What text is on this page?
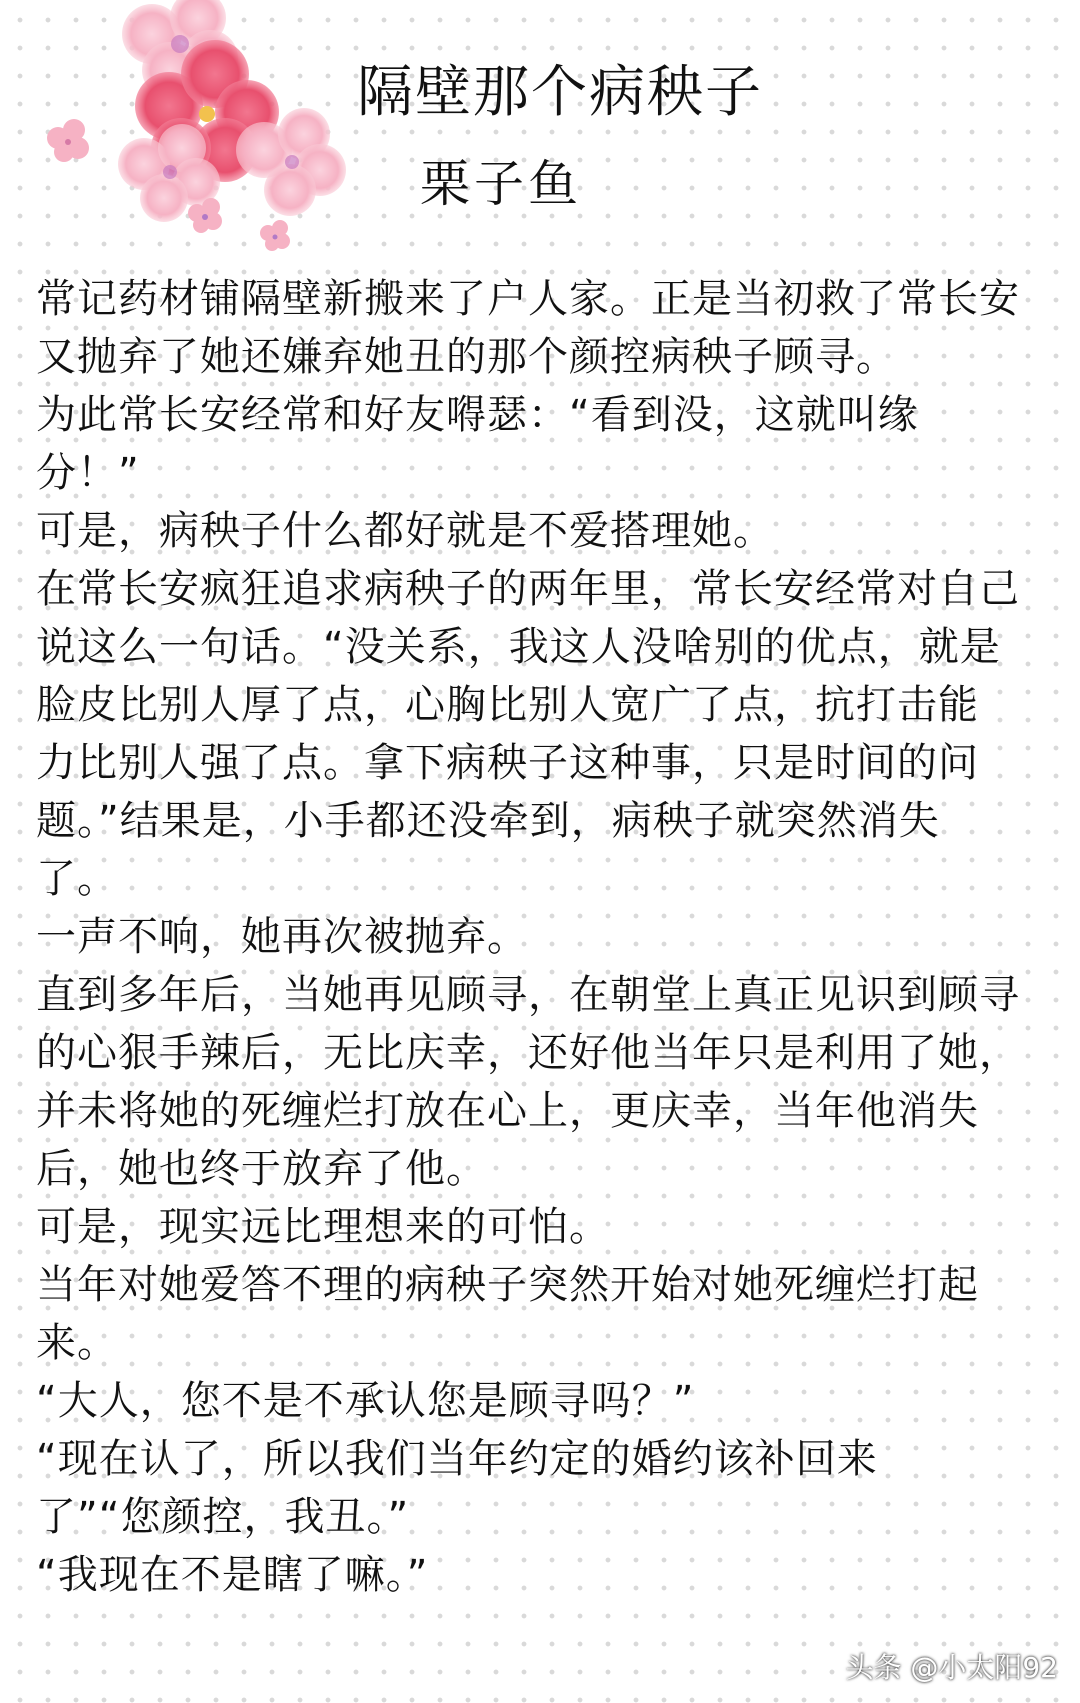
隔壁那个病秧子
栗子鱼

常记药材铺隔壁新搬来了户人家。正是当初救了常长安

又抛弃了她还嫌弃她丑的那个颜控病秧子顾寻。

为此常长安经常和好友嘚瑟：“看到没，这就叫缘

分！”

可是，病秧子什么都好就是不爱搭理她。

在常长安疯狂追求病秧子的两年里，常长安经常对自己

说这么一句话。“没关系，我这人没啥别的优点，就是

脸皮比别人厚了点，心胸比别人宽广了点，抗打击能

力比别人强了点。拿下病秧子这种事，只是时间的问

题。”结果是，小手都还没牵到，病秧子就突然消失

了。

一声不响，她再次被抛弃。

直到多年后，当她再见顾寻，在朝堂上真正见识到顾寻

的心狠手辣后，无比庆幸，还好他当年只是利用了她，

并未将她的死缠烂打放在心上，更庆幸，当年他消失

后，她也终于放弃了他。

可是，现实远比理想来的可怕。

当年对她爱答不理的病秧子突然开始对她死缠烂打起

来。

“大人，您不是不承认您是顾寻吗？”

“现在认了，所以我们当年约定的婚约该补回来

了”“您颜控，我丑。”

“我现在不是瞎了嘛。”

头条 @小太阳92
